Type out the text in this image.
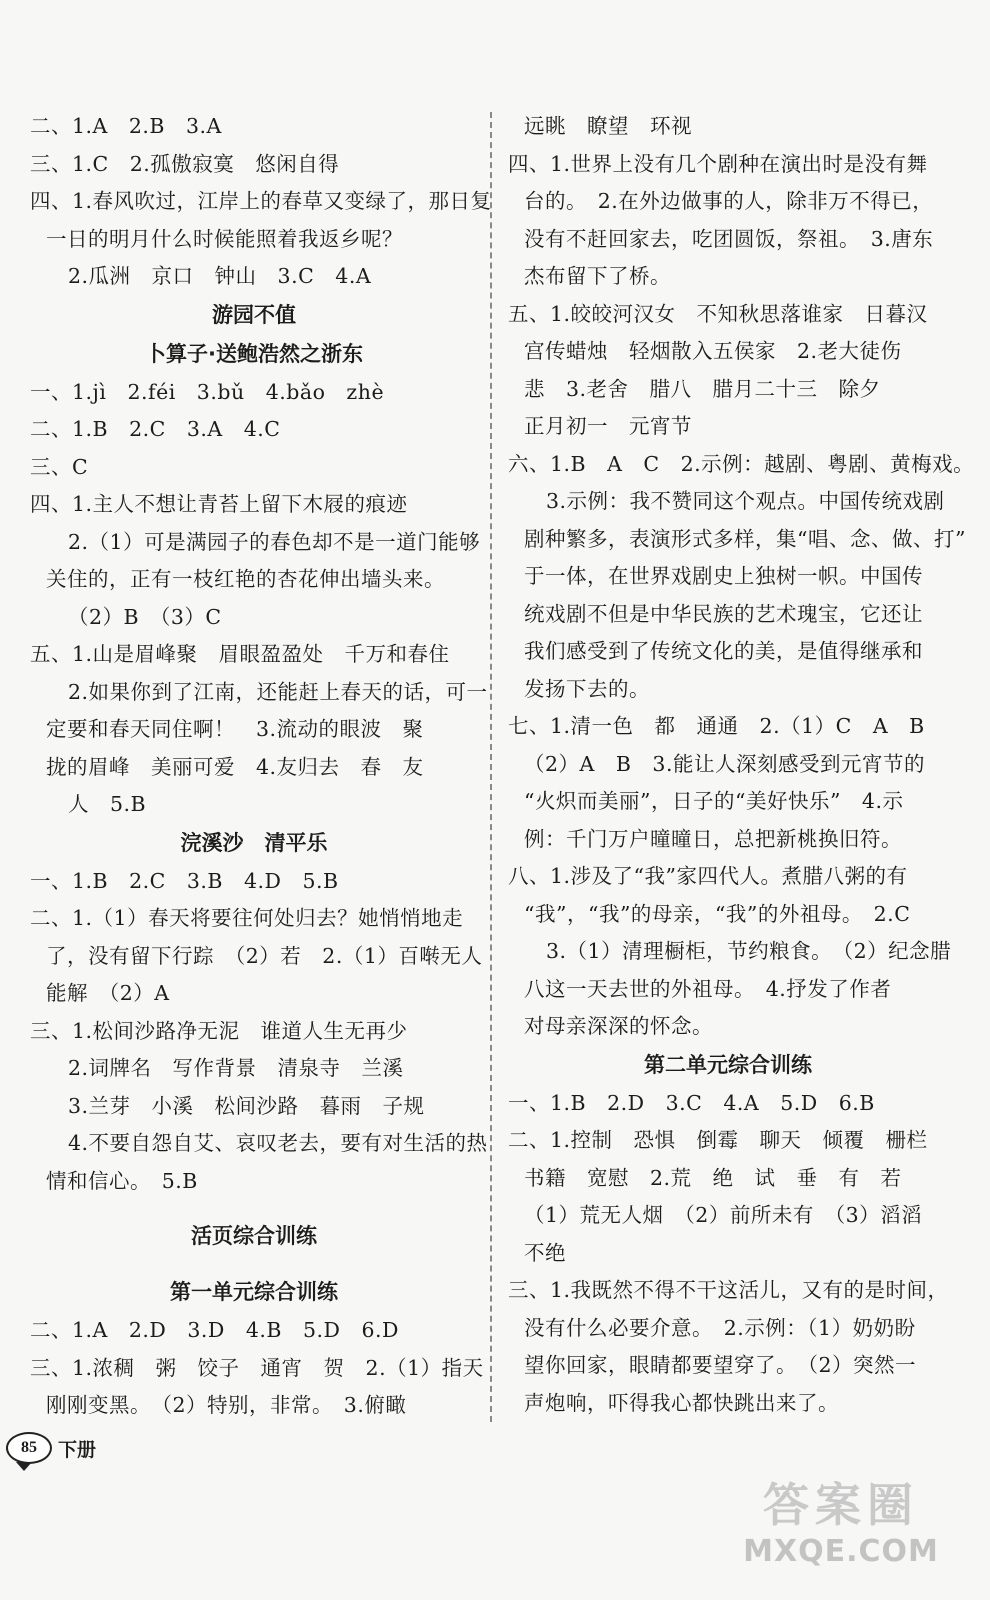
二、1.A　2.B　3.A
三、1.C　2.孤傲寂寞　悠闲自得
四、1.春风吹过，江岸上的春草又变绿了，那日复
一日的明月什么时候能照着我返乡呢？
2.瓜洲　京口　钟山　3.C　4.A
游园不值
卜算子·送鲍浩然之浙东
一、1.jì　2.féi　3.bǔ　4.bǎo　zhè
二、1.B　2.C　3.A　4.C
三、C
四、1.主人不想让青苔上留下木屐的痕迹
2.（1）可是满园子的春色却不是一道门能够
关住的，正有一枝红艳的杏花伸出墙头来。
（2）B　（3）C
五、1.山是眉峰聚　眉眼盈盈处　千万和春住
2.如果你到了江南，还能赶上春天的话，可一
定要和春天同住啊！　3.流动的眼波　聚
拢的眉峰　美丽可爱　4.友归去　春　友
人　5.B
浣溪沙　清平乐
一、1.B　2.C　3.B　4.D　5.B
二、1.（1）春天将要往何处归去？她悄悄地走
了，没有留下行踪　（2）若　2.（1）百啭无人
能解　（2）A
三、1.松间沙路净无泥　谁道人生无再少
2.词牌名　写作背景　清泉寺　兰溪
3.兰芽　小溪　松间沙路　暮雨　子规
4.不要自怨自艾、哀叹老去，要有对生活的热
情和信心。　5.B
活页综合训练
第一单元综合训练
二、1.A　2.D　3.D　4.B　5.D　6.D
三、1.浓稠　粥　饺子　通宵　贺　2.（1）指天
刚刚变黑。　（2）特别，非常。　3.俯瞰
远眺　瞭望　环视
四、1.世界上没有几个剧种在演出时是没有舞
台的。　2.在外边做事的人，除非万不得已，
没有不赶回家去，吃团圆饭，祭祖。　3.唐东
杰布留下了桥。
五、1.皎皎河汉女　不知秋思落谁家　日暮汉
宫传蜡烛　轻烟散入五侯家　2.老大徒伤
悲　3.老舍　腊八　腊月二十三　除夕
正月初一　元宵节
六、1.B　A　C　2.示例：越剧、粤剧、黄梅戏。
3.示例：我不赞同这个观点。中国传统戏剧
剧种繁多，表演形式多样，集“唱、念、做、打”
于一体，在世界戏剧史上独树一帜。中国传
统戏剧不但是中华民族的艺术瑰宝，它还让
我们感受到了传统文化的美，是值得继承和
发扬下去的。
七、1.清一色　都　通通　2.（1）C　A　B
（2）A　B　3.能让人深刻感受到元宵节的
“火炽而美丽”，日子的“美好快乐”　4.示
例：千门万户曈曈日，总把新桃换旧符。
八、1.涉及了“我”家四代人。煮腊八粥的有
“我”，“我”的母亲，“我”的外祖母。　2.C
3.（1）清理橱柜，节约粮食。　（2）纪念腊
八这一天去世的外祖母。　4.抒发了作者
对母亲深深的怀念。
第二单元综合训练
一、1.B　2.D　3.C　4.A　5.D　6.B
二、1.控制　恐惧　倒霉　聊天　倾覆　栅栏
书籍　宽慰　2.荒　绝　试　垂　有　若
（1）荒无人烟　（2）前所未有　（3）滔滔
不绝
三、1.我既然不得不干这活儿，又有的是时间，
没有什么必要介意。　2.示例：（1）奶奶盼
望你回家，眼睛都要望穿了。　（2）突然一
声炮响，吓得我心都快跳出来了。
85 下册
答案圈
MXQE.COM
